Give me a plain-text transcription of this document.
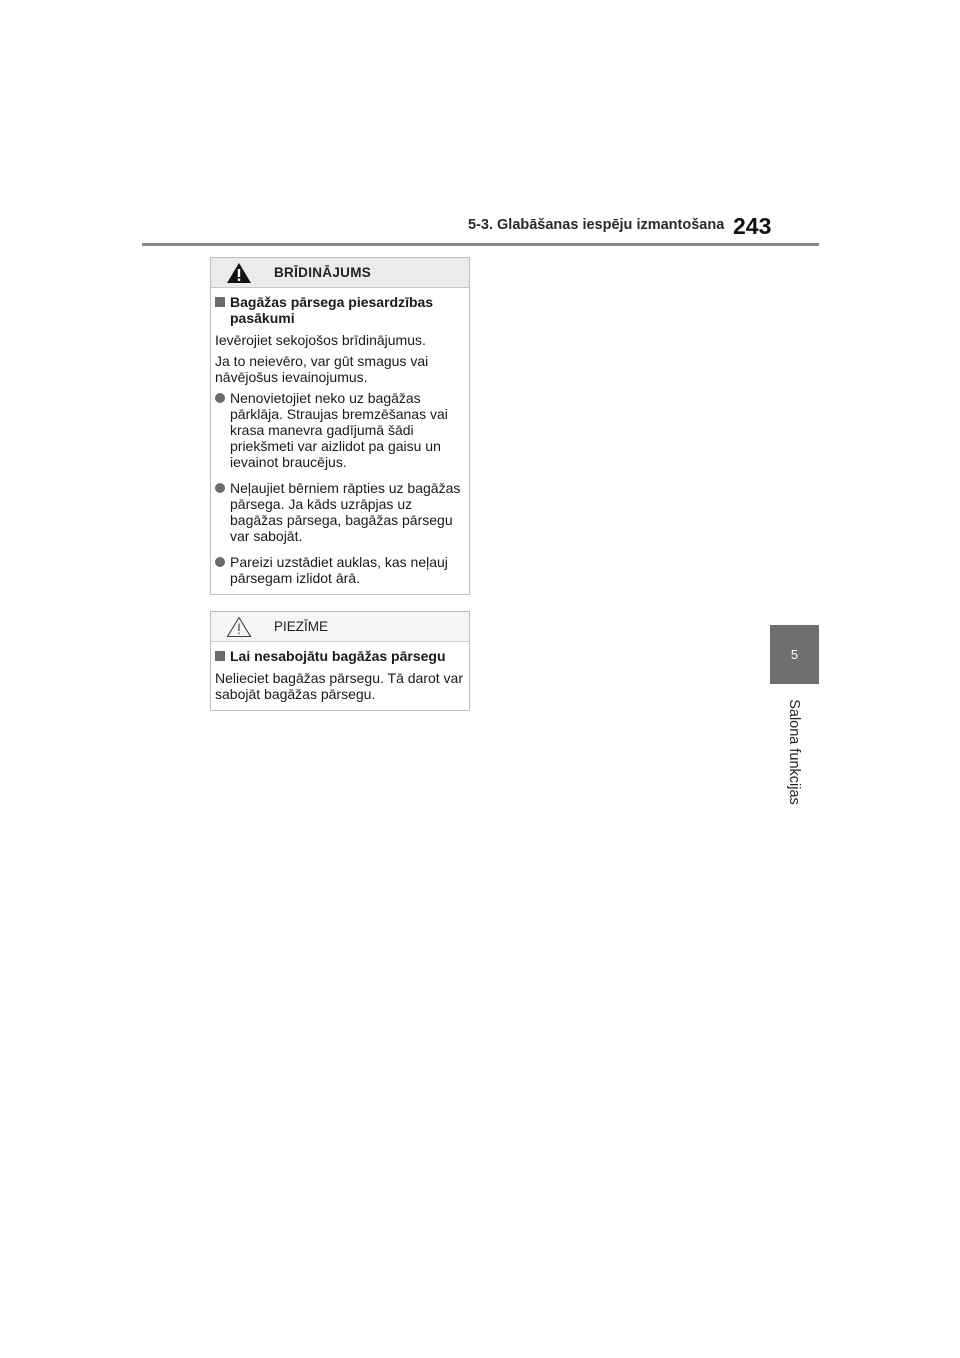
5-3. Glabāšanas iespēju izmantošana 243
5
Salona funkcijas
BRĪDINĀJUMS
Bagāžas pārsega piesardzības pasākumi

Ievērojiet sekojošos brīdinājumus.

Ja to neievēro, var gūt smagus vai nāvējošus ievainojumus.

Nenovietojiet neko uz bagāžas pārklāja. Straujas bremzēšanas vai krasa manevra gadījumā šādi priekšmeti var aizlidot pa gaisu un ievainot braucējus.
Neļaujiet bērniem rāpties uz bagāžas pārsega. Ja kāds uzrāpjas uz bagāžas pārsega, bagāžas pārsegu var sabojāt.
Pareizi uzstādiet auklas, kas neļauj pārsegam izlidot ārā.
PIEZĪME
Lai nesabojātu bagāžas pārsegu

Nelieciet bagāžas pārsegu. Tā darot var sabojāt bagāžas pārsegu.
